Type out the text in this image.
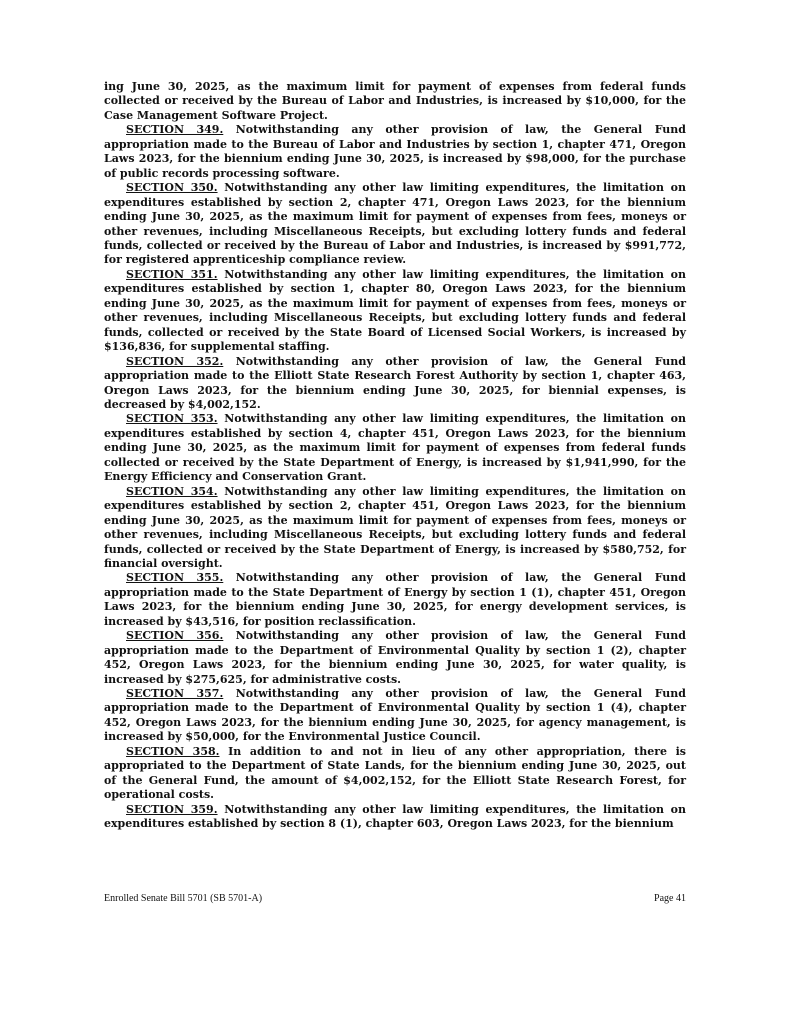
ing June 30, 2025, as the maximum limit for payment of expenses from federal funds collected or received by the Bureau of Labor and Industries, is increased by $10,000, for the Case Management Software Project.

SECTION 349. Notwithstanding any other provision of law, the General Fund appropriation made to the Bureau of Labor and Industries by section 1, chapter 471, Oregon Laws 2023, for the biennium ending June 30, 2025, is increased by $98,000, for the purchase of public records processing software.

SECTION 350. Notwithstanding any other law limiting expenditures, the limitation on expenditures established by section 2, chapter 471, Oregon Laws 2023, for the biennium ending June 30, 2025, as the maximum limit for payment of expenses from fees, moneys or other revenues, including Miscellaneous Receipts, but excluding lottery funds and federal funds, collected or received by the Bureau of Labor and Industries, is increased by $991,772, for registered apprenticeship compliance review.

SECTION 351. Notwithstanding any other law limiting expenditures, the limitation on expenditures established by section 1, chapter 80, Oregon Laws 2023, for the biennium ending June 30, 2025, as the maximum limit for payment of expenses from fees, moneys or other revenues, including Miscellaneous Receipts, but excluding lottery funds and federal funds, collected or received by the State Board of Licensed Social Workers, is increased by $136,836, for supplemental staffing.

SECTION 352. Notwithstanding any other provision of law, the General Fund appropriation made to the Elliott State Research Forest Authority by section 1, chapter 463, Oregon Laws 2023, for the biennium ending June 30, 2025, for biennial expenses, is decreased by $4,002,152.

SECTION 353. Notwithstanding any other law limiting expenditures, the limitation on expenditures established by section 4, chapter 451, Oregon Laws 2023, for the biennium ending June 30, 2025, as the maximum limit for payment of expenses from federal funds collected or received by the State Department of Energy, is increased by $1,941,990, for the Energy Efficiency and Conservation Grant.

SECTION 354. Notwithstanding any other law limiting expenditures, the limitation on expenditures established by section 2, chapter 451, Oregon Laws 2023, for the biennium ending June 30, 2025, as the maximum limit for payment of expenses from fees, moneys or other revenues, including Miscellaneous Receipts, but excluding lottery funds and federal funds, collected or received by the State Department of Energy, is increased by $580,752, for financial oversight.

SECTION 355. Notwithstanding any other provision of law, the General Fund appropriation made to the State Department of Energy by section 1 (1), chapter 451, Oregon Laws 2023, for the biennium ending June 30, 2025, for energy development services, is increased by $43,516, for position reclassification.

SECTION 356. Notwithstanding any other provision of law, the General Fund appropriation made to the Department of Environmental Quality by section 1 (2), chapter 452, Oregon Laws 2023, for the biennium ending June 30, 2025, for water quality, is increased by $275,625, for administrative costs.

SECTION 357. Notwithstanding any other provision of law, the General Fund appropriation made to the Department of Environmental Quality by section 1 (4), chapter 452, Oregon Laws 2023, for the biennium ending June 30, 2025, for agency management, is increased by $50,000, for the Environmental Justice Council.

SECTION 358. In addition to and not in lieu of any other appropriation, there is appropriated to the Department of State Lands, for the biennium ending June 30, 2025, out of the General Fund, the amount of $4,002,152, for the Elliott State Research Forest, for operational costs.

SECTION 359. Notwithstanding any other law limiting expenditures, the limitation on expenditures established by section 8 (1), chapter 603, Oregon Laws 2023, for the biennium

Enrolled Senate Bill 5701 (SB 5701-A)	Page 41
